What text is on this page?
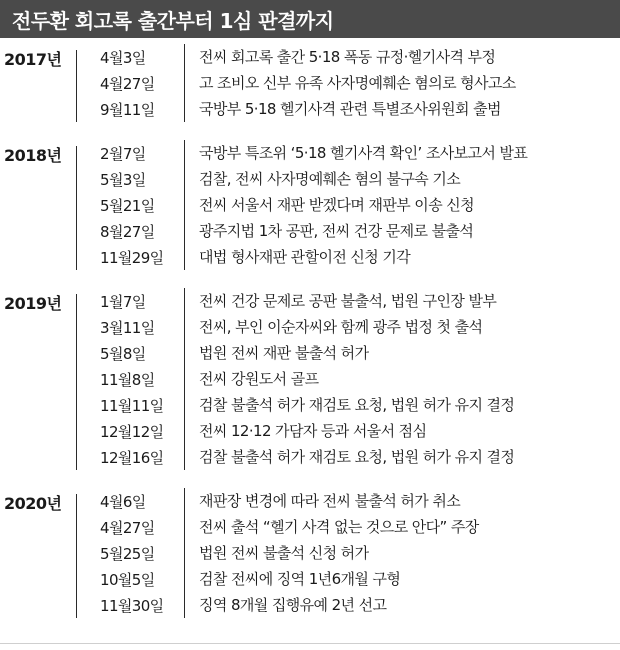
전두환 회고록 출간부터 1심 판결까지
2017년	4월3일	전씨 회고록 출간 5·18 폭동 규정·헬기사격 부정
4월27일	고 조비오 신부 유족 사자명예훼손 혐의로 형사고소
9월11일	국방부 5·18 헬기사격 관련 특별조사위원회 출범
2018년	2월7일	국방부 특조위 ‘5·18 헬기사격 확인’ 조사보고서 발표
5월3일	검찰, 전씨 사자명예훼손 혐의 불구속 기소
5월21일	전씨 서울서 재판 받겠다며 재판부 이송 신청
8월27일	광주지법 1차 공판, 전씨 건강 문제로 불출석
11월29일	대법 형사재판 관할이전 신청 기각
2019년	1월7일	전씨 건강 문제로 공판 불출석, 법원 구인장 발부
3월11일	전씨, 부인 이순자씨와 함께 광주 법정 첫 출석
5월8일	법원 전씨 재판 불출석 허가
11월8일	전씨 강원도서 골프
11월11일	검찰 불출석 허가 재검토 요청, 법원 허가 유지 결정
12월12일	전씨 12·12 가담자 등과 서울서 점심
12월16일	검찰 불출석 허가 재검토 요청, 법원 허가 유지 결정
2020년	4월6일	재판장 변경에 따라 전씨 불출석 허가 취소
4월27일	전씨 출석 “헬기 사격 없는 것으로 안다” 주장
5월25일	법원 전씨 불출석 신청 허가
10월5일	검찰 전씨에 징역 1년6개월 구형
11월30일	징역 8개월 집행유예 2년 선고
